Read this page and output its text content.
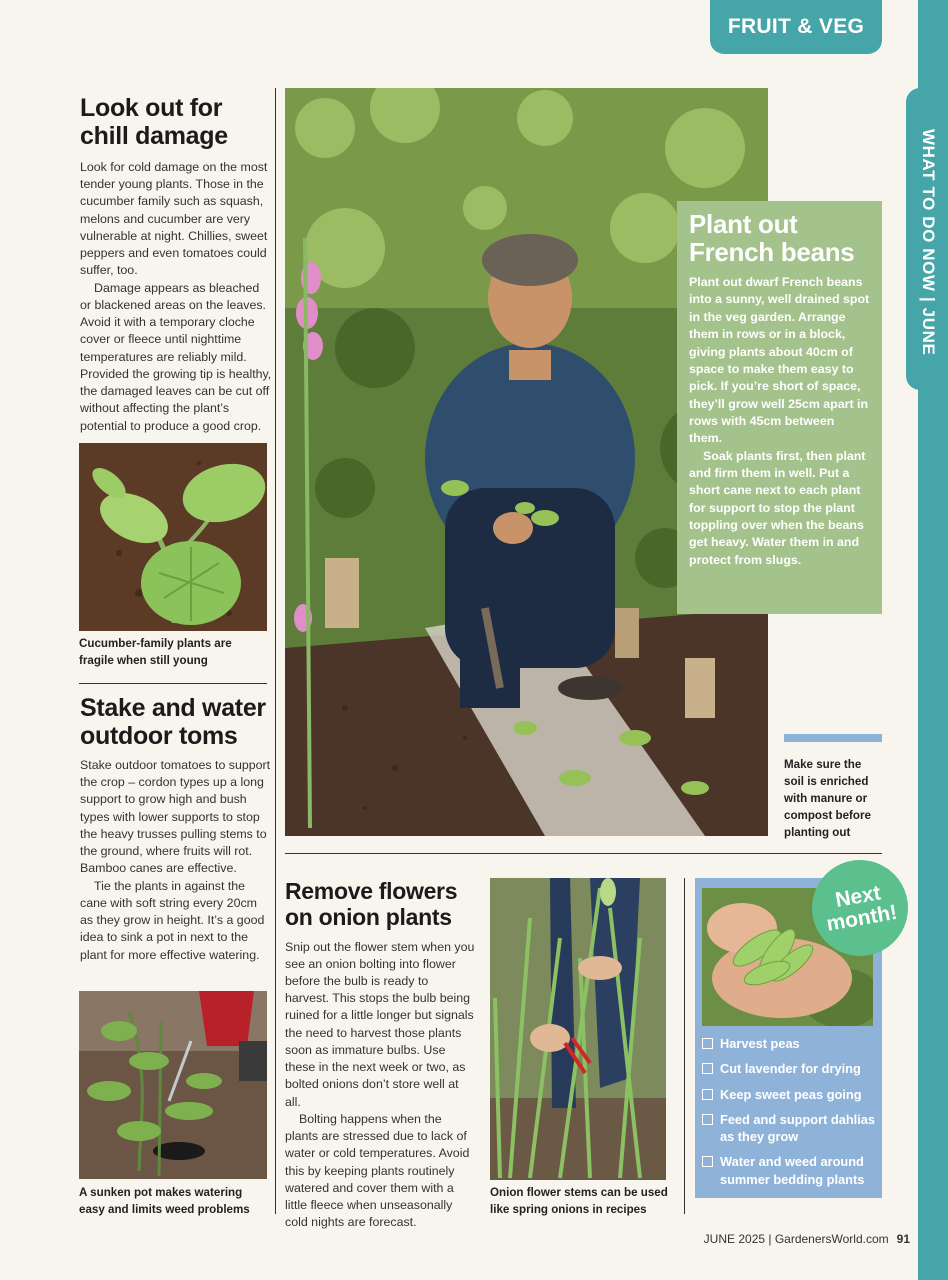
FRUIT & VEG
WHAT TO DO NOW | JUNE
Look out for chill damage

Look for cold damage on the most tender young plants. Those in the cucumber family such as squash, melons and cucumber are very vulnerable at night. Chillies, sweet peppers and even tomatoes could suffer, too.

Damage appears as bleached or blackened areas on the leaves. Avoid it with a temporary cloche cover or fleece until nighttime temperatures are reliably mild. Provided the growing tip is healthy, the damaged leaves can be cut off without affecting the plant’s potential to produce a good crop.

Cucumber-family plants are fragile when still young
Stake and water outdoor toms

Stake outdoor tomatoes to support the crop – cordon types up a long support to grow high and bush types with lower supports to stop the heavy trusses pulling stems to the ground, where fruits will rot. Bamboo canes are effective.

Tie the plants in against the cane with soft string every 20cm as they grow in height. It’s a good idea to sink a pot in next to the plant for more effective watering.

A sunken pot makes watering easy and limits weed problems
Plant out French beans

Plant out dwarf French beans into a sunny, well drained spot in the veg garden. Arrange them in rows or in a block, giving plants about 40cm of space to make them easy to pick. If you’re short of space, they’ll grow well 25cm apart in rows with 45cm between them.

Soak plants first, then plant and firm them in well. Put a short cane next to each plant for support to stop the plant toppling over when the beans get heavy. Water them in and protect from slugs.

Make sure the soil is enriched with manure or compost before planting out
Remove flowers on onion plants

Snip out the flower stem when you see an onion bolting into flower before the bulb is ready to harvest. This stops the bulb being ruined for a little longer but signals the need to harvest those plants soon as immature bulbs. Use these in the next week or two, as bolted onions don’t store well at all.

Bolting happens when the plants are stressed due to lack of water or cold temperatures. Avoid this by keeping plants routinely watered and cover them with a little fleece when unseasonally cold nights are forecast.

Onion flower stems can be used like spring onions in recipes
Harvest peas
Cut lavender for drying
Keep sweet peas going
Feed and support dahlias as they grow
Water and weed around summer bedding plants
Next month!
JUNE 2025 | GardenersWorld.com 91
